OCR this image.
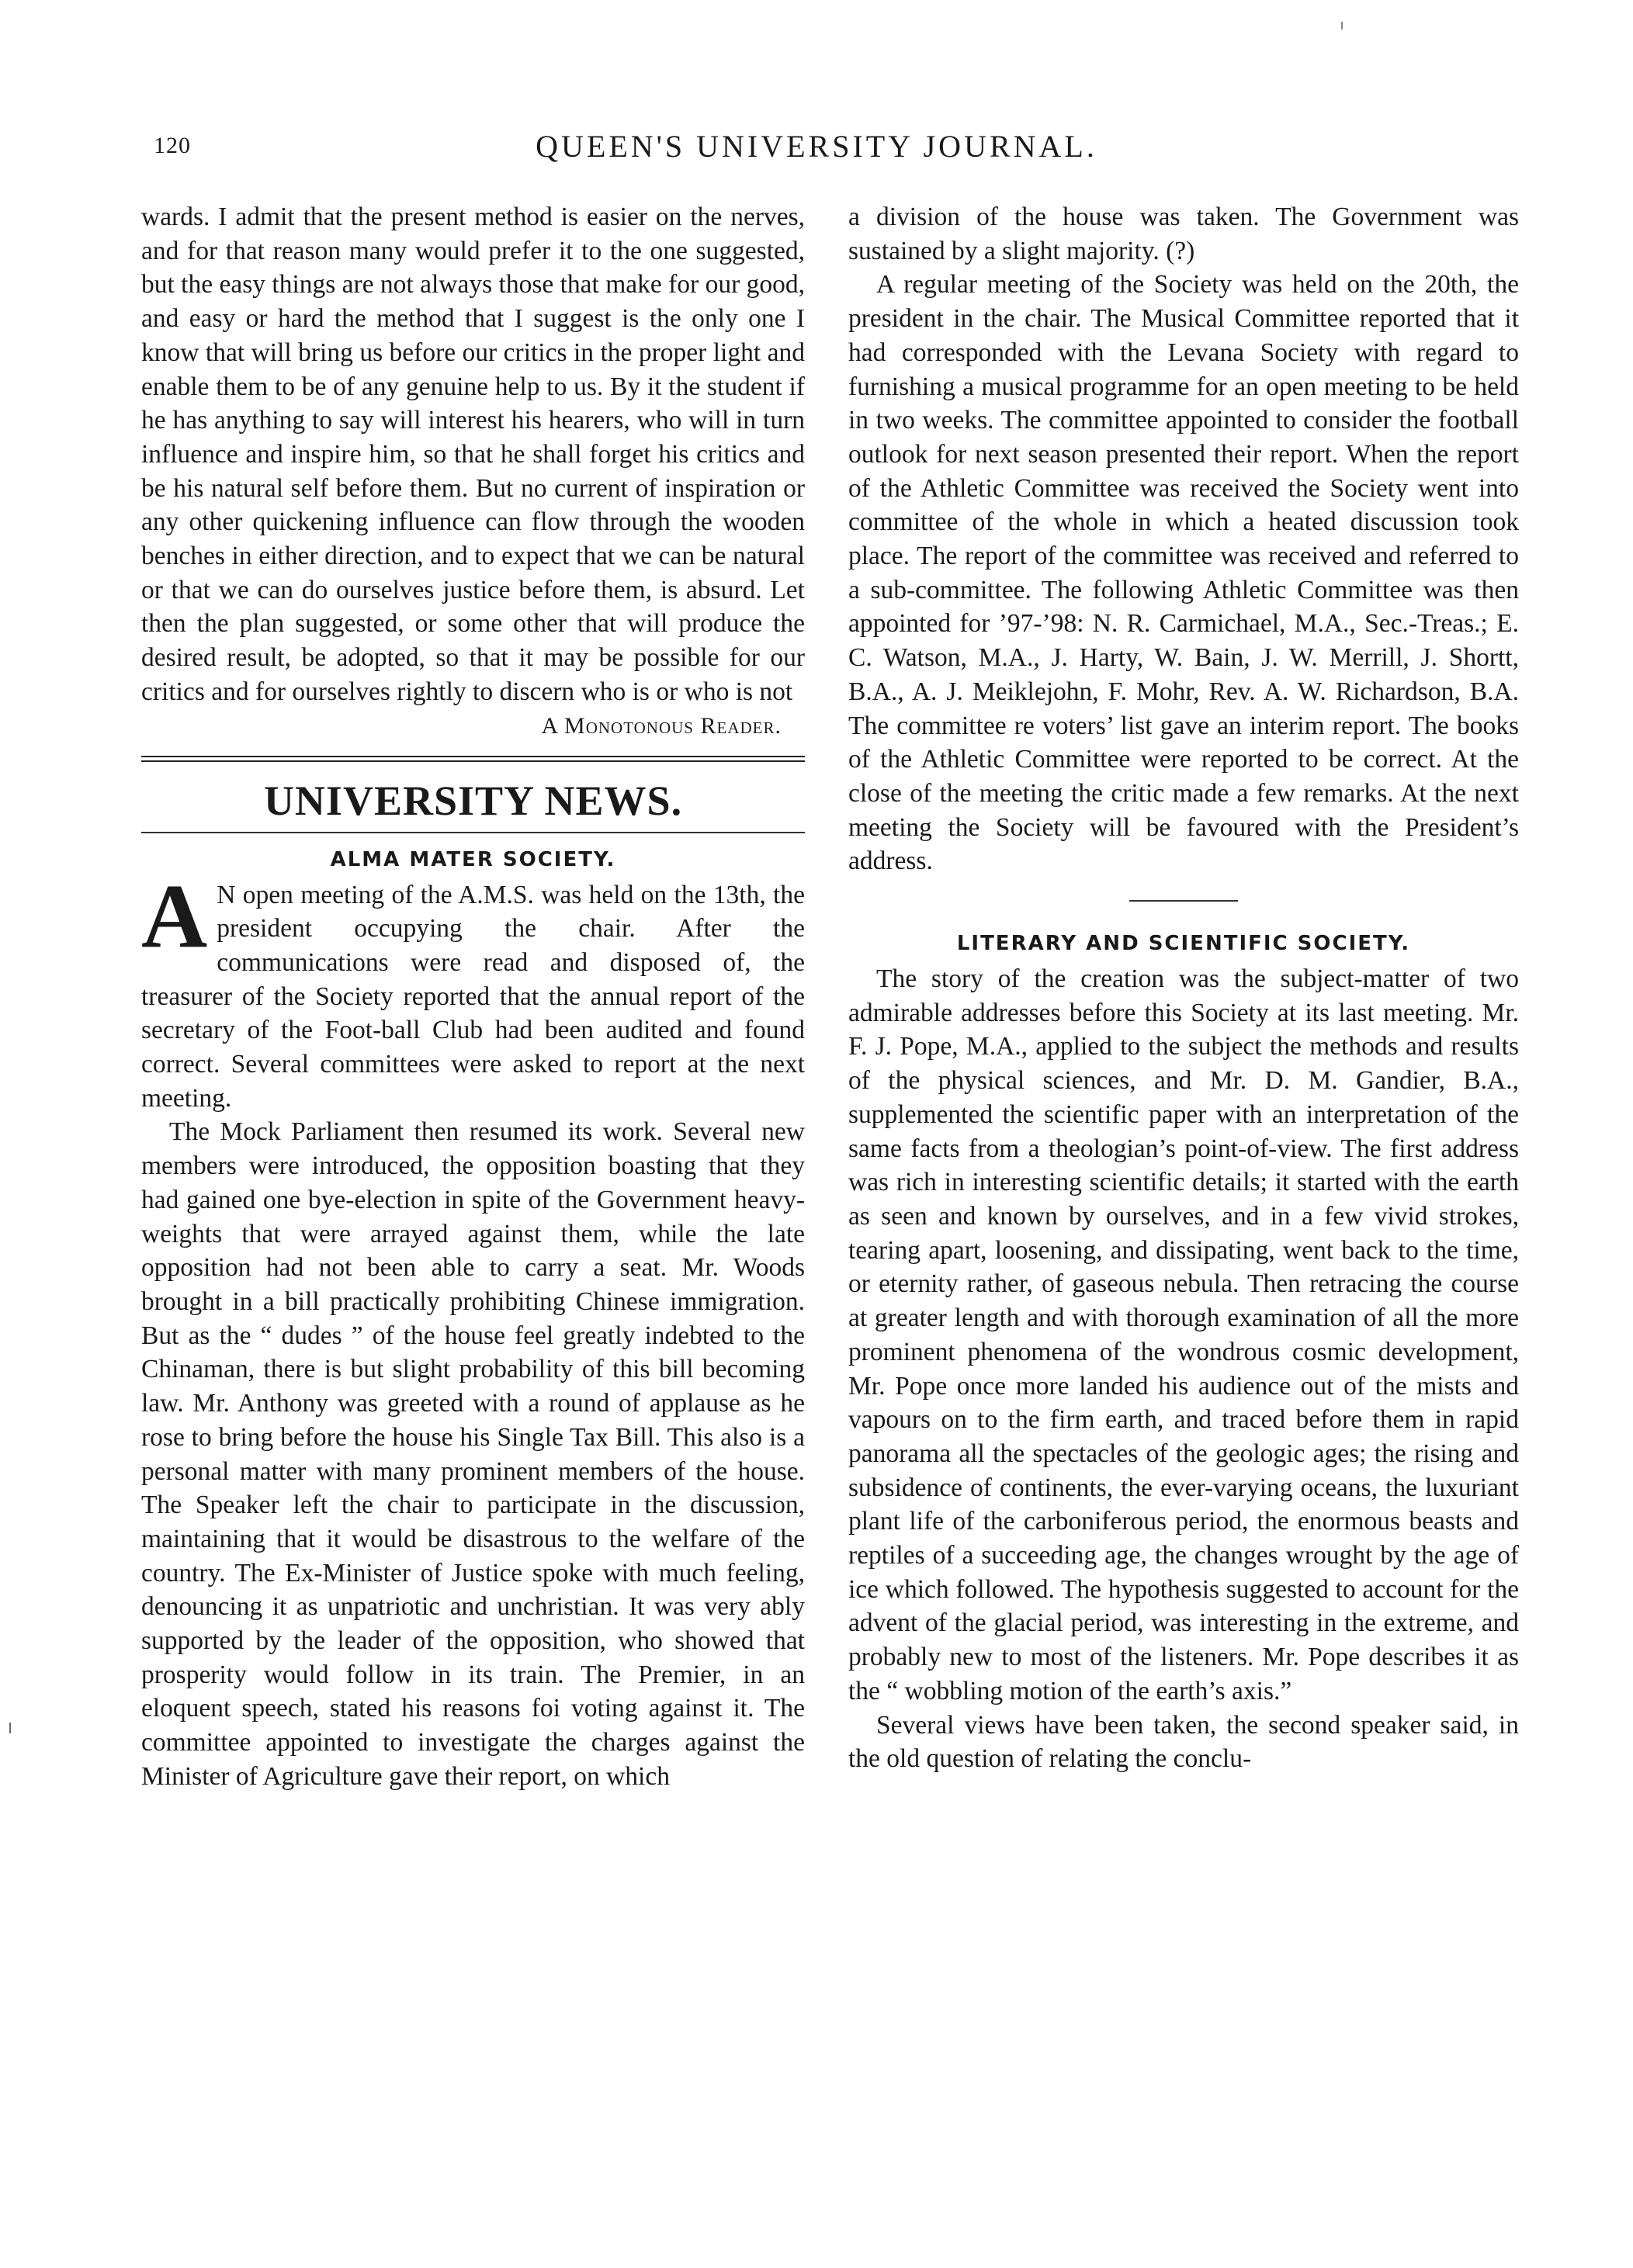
120	QUEEN'S UNIVERSITY JOURNAL.

wards. I admit that the present method is easier on the nerves, and for that reason many would prefer it to the one suggested, but the easy things are not always those that make for our good, and easy or hard the method that I suggest is the only one I know that will bring us before our critics in the proper light and enable them to be of any genuine help to us. By it the student if he has anything to say will interest his hearers, who will in turn influence and inspire him, so that he shall forget his critics and be his natural self before them. But no current of inspiration or any other quickening influence can flow through the wooden benches in either direction, and to expect that we can be natural or that we can do ourselves justice before them, is absurd. Let then the plan suggested, or some other that will produce the desired result, be adopted, so that it may be possible for our critics and for ourselves rightly to discern who is or who is not

A Monotonous Reader.

UNIVERSITY NEWS.
ALMA MATER SOCIETY.
A N open meeting of the A.M.S. was held on the 13th, the president occupying the chair. After the communications were read and disposed of, the treasurer of the Society reported that the annual report of the secretary of the Foot-ball Club had been audited and found correct. Several committees were asked to report at the next meeting.

The Mock Parliament then resumed its work. Several new members were introduced, the opposition boasting that they had gained one bye-election in spite of the Government heavy-weights that were arrayed against them, while the late opposition had not been able to carry a seat. Mr. Woods brought in a bill practically prohibiting Chinese immigration. But as the “ dudes ” of the house feel greatly indebted to the Chinaman, there is but slight probability of this bill becoming law. Mr. Anthony was greeted with a round of applause as he rose to bring before the house his Single Tax Bill. This also is a personal matter with many prominent members of the house. The Speaker left the chair to participate in the discussion, maintaining that it would be disastrous to the welfare of the country. The Ex-Minister of Justice spoke with much feeling, denouncing it as unpatriotic and unchristian. It was very ably supported by the leader of the opposition, who showed that prosperity would follow in its train. The Premier, in an eloquent speech, stated his reasons foi voting against it. The committee appointed to investigate the charges against the Minister of Agriculture gave their report, on which

a division of the house was taken. The Government was sustained by a slight majority. (?)

A regular meeting of the Society was held on the 20th, the president in the chair. The Musical Committee reported that it had corresponded with the Levana Society with regard to furnishing a musical programme for an open meeting to be held in two weeks. The committee appointed to consider the football outlook for next season presented their report. When the report of the Athletic Committee was received the Society went into committee of the whole in which a heated discussion took place. The report of the committee was received and referred to a sub-committee. The following Athletic Committee was then appointed for ’97-’98: N. R. Carmichael, M.A., Sec.-Treas.; E. C. Watson, M.A., J. Harty, W. Bain, J. W. Merrill, J. Shortt, B.A., A. J. Meiklejohn, F. Mohr, Rev. A. W. Richardson, B.A. The committee re voters’ list gave an interim report. The books of the Athletic Committee were reported to be correct. At the close of the meeting the critic made a few remarks. At the next meeting the Society will be favoured with the President’s address.

LITERARY AND SCIENTIFIC SOCIETY.

The story of the creation was the subject-matter of two admirable addresses before this Society at its last meeting. Mr. F. J. Pope, M.A., applied to the subject the methods and results of the physical sciences, and Mr. D. M. Gandier, B.A., supplemented the scientific paper with an interpretation of the same facts from a theologian’s point-of-view. The first address was rich in interesting scientific details; it started with the earth as seen and known by ourselves, and in a few vivid strokes, tearing apart, loosening, and dissipating, went back to the time, or eternity rather, of gaseous nebula. Then retracing the course at greater length and with thorough examination of all the more prominent phenomena of the wondrous cosmic development, Mr. Pope once more landed his audience out of the mists and vapours on to the firm earth, and traced before them in rapid panorama all the spectacles of the geologic ages; the rising and subsidence of continents, the ever-varying oceans, the luxuriant plant life of the carboniferous period, the enormous beasts and reptiles of a succeeding age, the changes wrought by the age of ice which followed. The hypothesis suggested to account for the advent of the glacial period, was interesting in the extreme, and probably new to most of the listeners. Mr. Pope describes it as the “ wobbling motion of the earth’s axis.”

Several views have been taken, the second speaker said, in the old question of relating the conclu-
